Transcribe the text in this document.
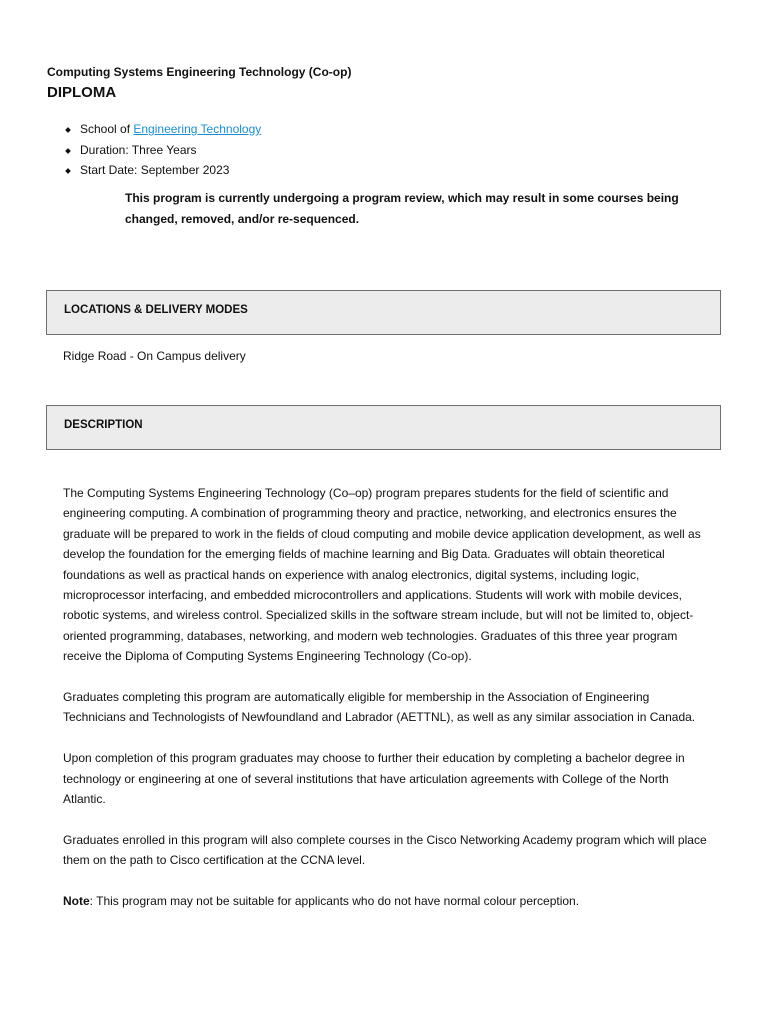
Computing Systems Engineering Technology (Co-op)
DIPLOMA
School of Engineering Technology
Duration: Three Years
Start Date: September 2023

This program is currently undergoing a program review, which may result in some courses being changed, removed, and/or re-sequenced.

LOCATIONS & DELIVERY MODES

Ridge Road - On Campus delivery

DESCRIPTION

The Computing Systems Engineering Technology (Co–op) program prepares students for the field of scientific and engineering computing. A combination of programming theory and practice, networking, and electronics ensures the graduate will be prepared to work in the fields of cloud computing and mobile device application development, as well as develop the foundation for the emerging fields of machine learning and Big Data. Graduates will obtain theoretical foundations as well as practical hands on experience with analog electronics, digital systems, including logic, microprocessor interfacing, and embedded microcontrollers and applications. Students will work with mobile devices, robotic systems, and wireless control. Specialized skills in the software stream include, but will not be limited to, object-oriented programming, databases, networking, and modern web technologies. Graduates of this three year program receive the Diploma of Computing Systems Engineering Technology (Co-op).

Graduates completing this program are automatically eligible for membership in the Association of Engineering Technicians and Technologists of Newfoundland and Labrador (AETTNL), as well as any similar association in Canada.

Upon completion of this program graduates may choose to further their education by completing a bachelor degree in technology or engineering at one of several institutions that have articulation agreements with College of the North Atlantic.

Graduates enrolled in this program will also complete courses in the Cisco Networking Academy program which will place them on the path to Cisco certification at the CCNA level.

Note: This program may not be suitable for applicants who do not have normal colour perception.
